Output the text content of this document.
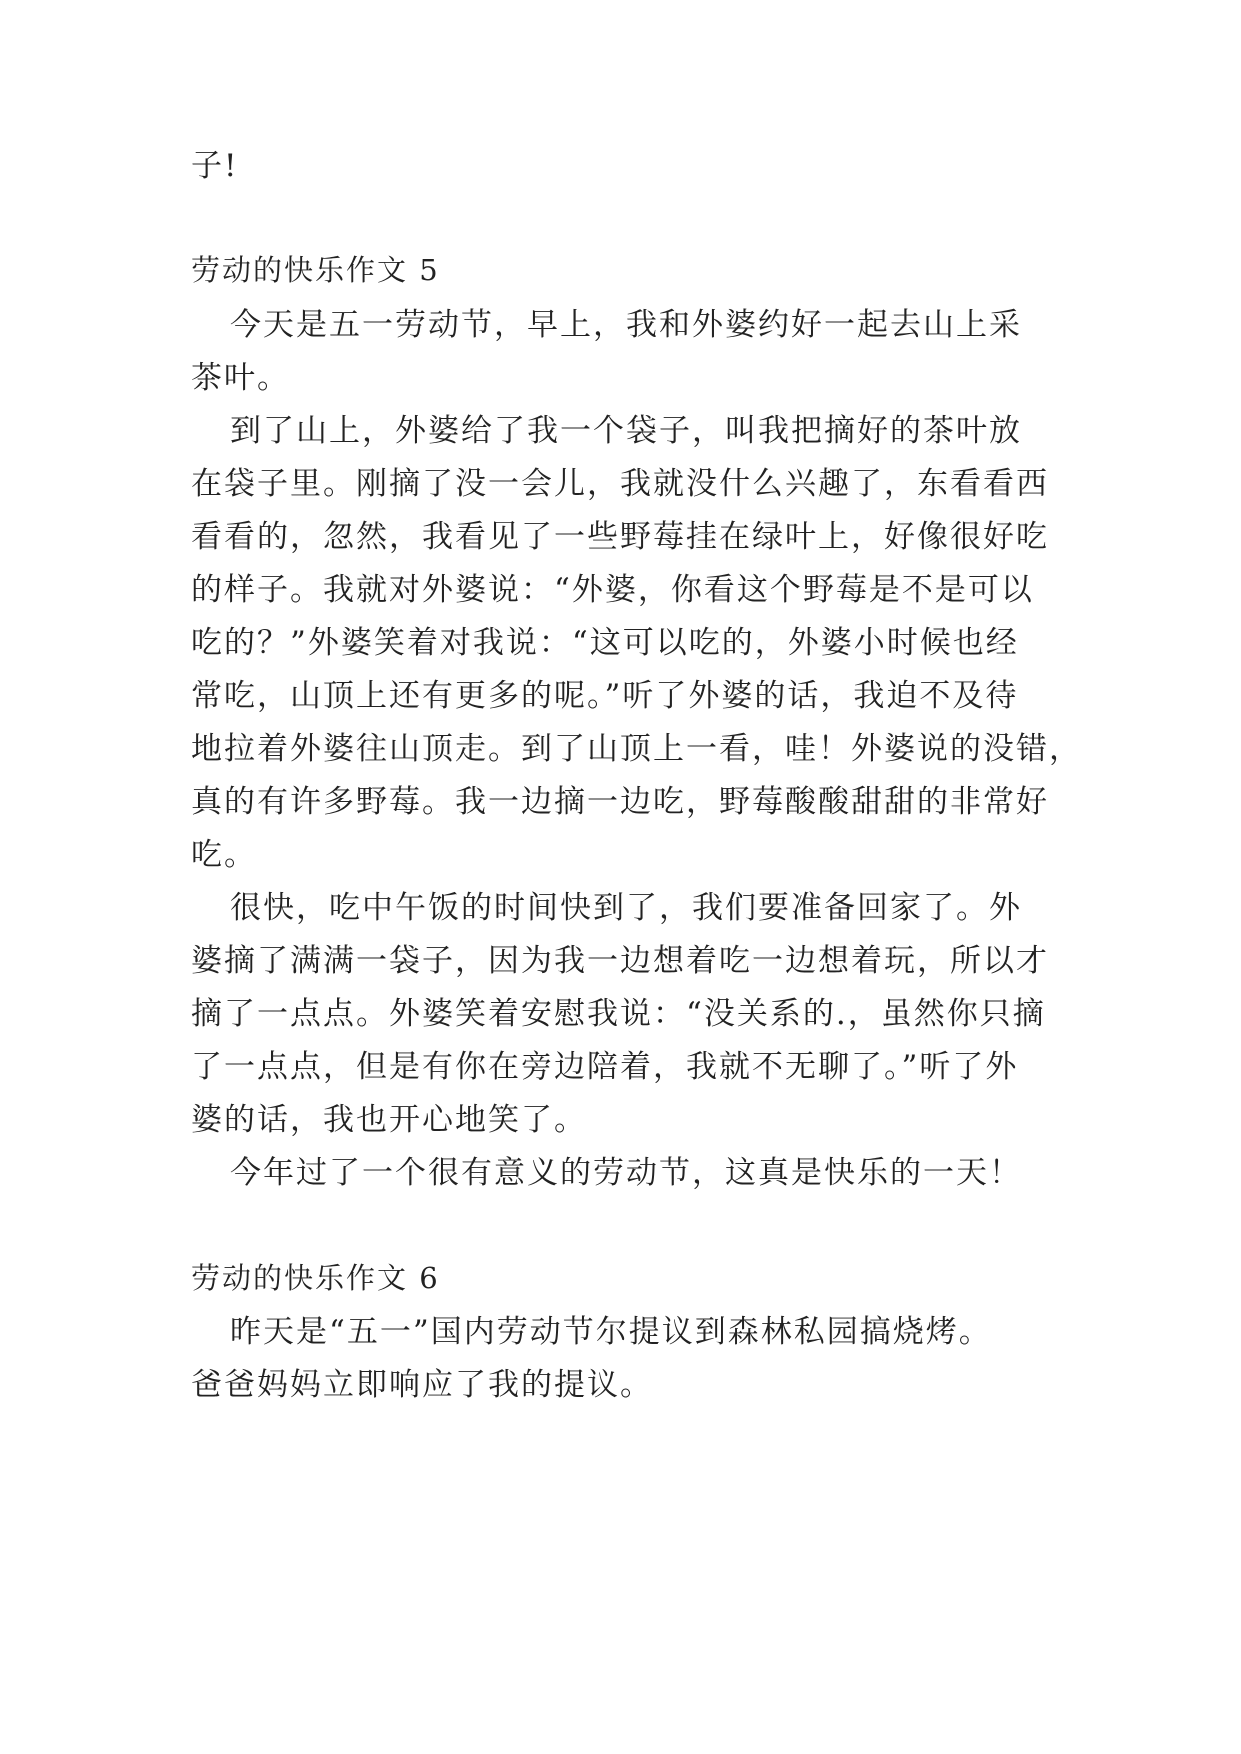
子!
劳动的快乐作文 5
今天是五一劳动节，早上，我和外婆约好一起去山上采
茶叶。
到了山上，外婆给了我一个袋子，叫我把摘好的茶叶放
在袋子里。刚摘了没一会儿，我就没什么兴趣了，东看看西
看看的，忽然，我看见了一些野莓挂在绿叶上，好像很好吃
的样子。我就对外婆说：“外婆，你看这个野莓是不是可以
吃的？”外婆笑着对我说：“这可以吃的，外婆小时候也经
常吃，山顶上还有更多的呢。”听了外婆的话，我迫不及待
地拉着外婆往山顶走。到了山顶上一看，哇！外婆说的没错，
真的有许多野莓。我一边摘一边吃，野莓酸酸甜甜的非常好
吃。
很快，吃中午饭的时间快到了，我们要准备回家了。外
婆摘了满满一袋子，因为我一边想着吃一边想着玩，所以才
摘了一点点。外婆笑着安慰我说：“没关系的.，虽然你只摘
了一点点，但是有你在旁边陪着，我就不无聊了。”听了外
婆的话，我也开心地笑了。
今年过了一个很有意义的劳动节，这真是快乐的一天！
劳动的快乐作文 6
昨天是“五一”国内劳动节尔提议到森林私园搞烧烤。
爸爸妈妈立即响应了我的提议。
